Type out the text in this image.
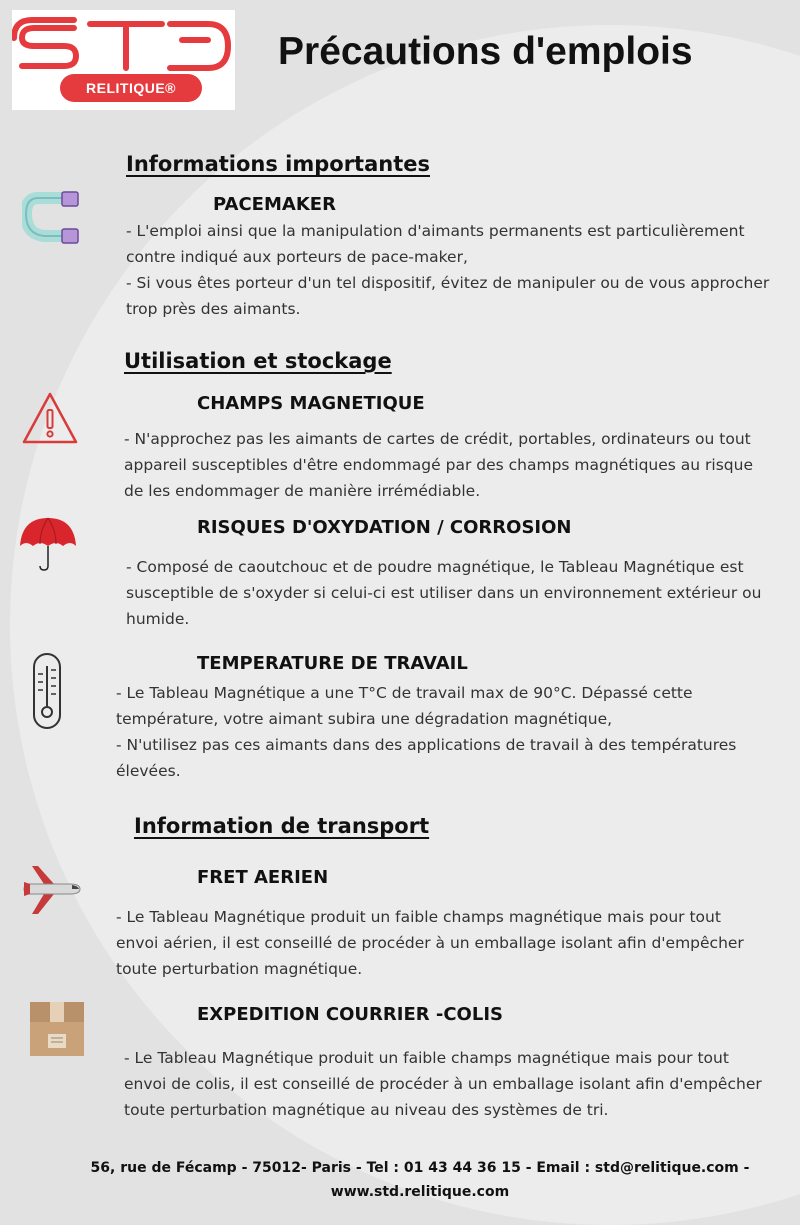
RELITIQUE®
Précautions d'emplois
Informations importantes
PACEMAKER

- L'emploi ainsi que la manipulation d'aimants permanents est particulièrement contre indiqué aux porteurs de pace-maker,

- Si vous êtes porteur d'un tel dispositif, évitez de manipuler ou de vous approcher trop près des aimants.

Utilisation et stockage
CHAMPS MAGNETIQUE

- N'approchez pas les aimants de cartes de crédit, portables, ordinateurs ou tout appareil susceptibles d'être endommagé par des champs magnétiques au risque de les endommager de manière irrémédiable.

RISQUES D'OXYDATION / CORROSION

- Composé de caoutchouc et de poudre magnétique, le Tableau Magnétique est susceptible de s'oxyder si celui-ci est utiliser dans un environnement extérieur ou humide.

TEMPERATURE DE TRAVAIL

- Le Tableau Magnétique a une T°C de travail max de 90°C. Dépassé cette température, votre aimant subira une dégradation magnétique,

- N'utilisez pas ces aimants dans des applications de travail à des températures élevées.

Information de transport
FRET AERIEN

- Le Tableau Magnétique produit un faible champs magnétique mais pour tout envoi aérien, il est conseillé de procéder à un emballage isolant afin d'empêcher toute perturbation magnétique.

EXPEDITION COURRIER -COLIS

- Le Tableau Magnétique produit un faible champs magnétique mais pour tout envoi de colis, il est conseillé de procéder à un emballage isolant afin d'empêcher toute perturbation magnétique au niveau des systèmes de tri.

56, rue de Fécamp - 75012- Paris - Tel : 01 43 44 36 15 - Email : std@relitique.com -
www.std.relitique.com
